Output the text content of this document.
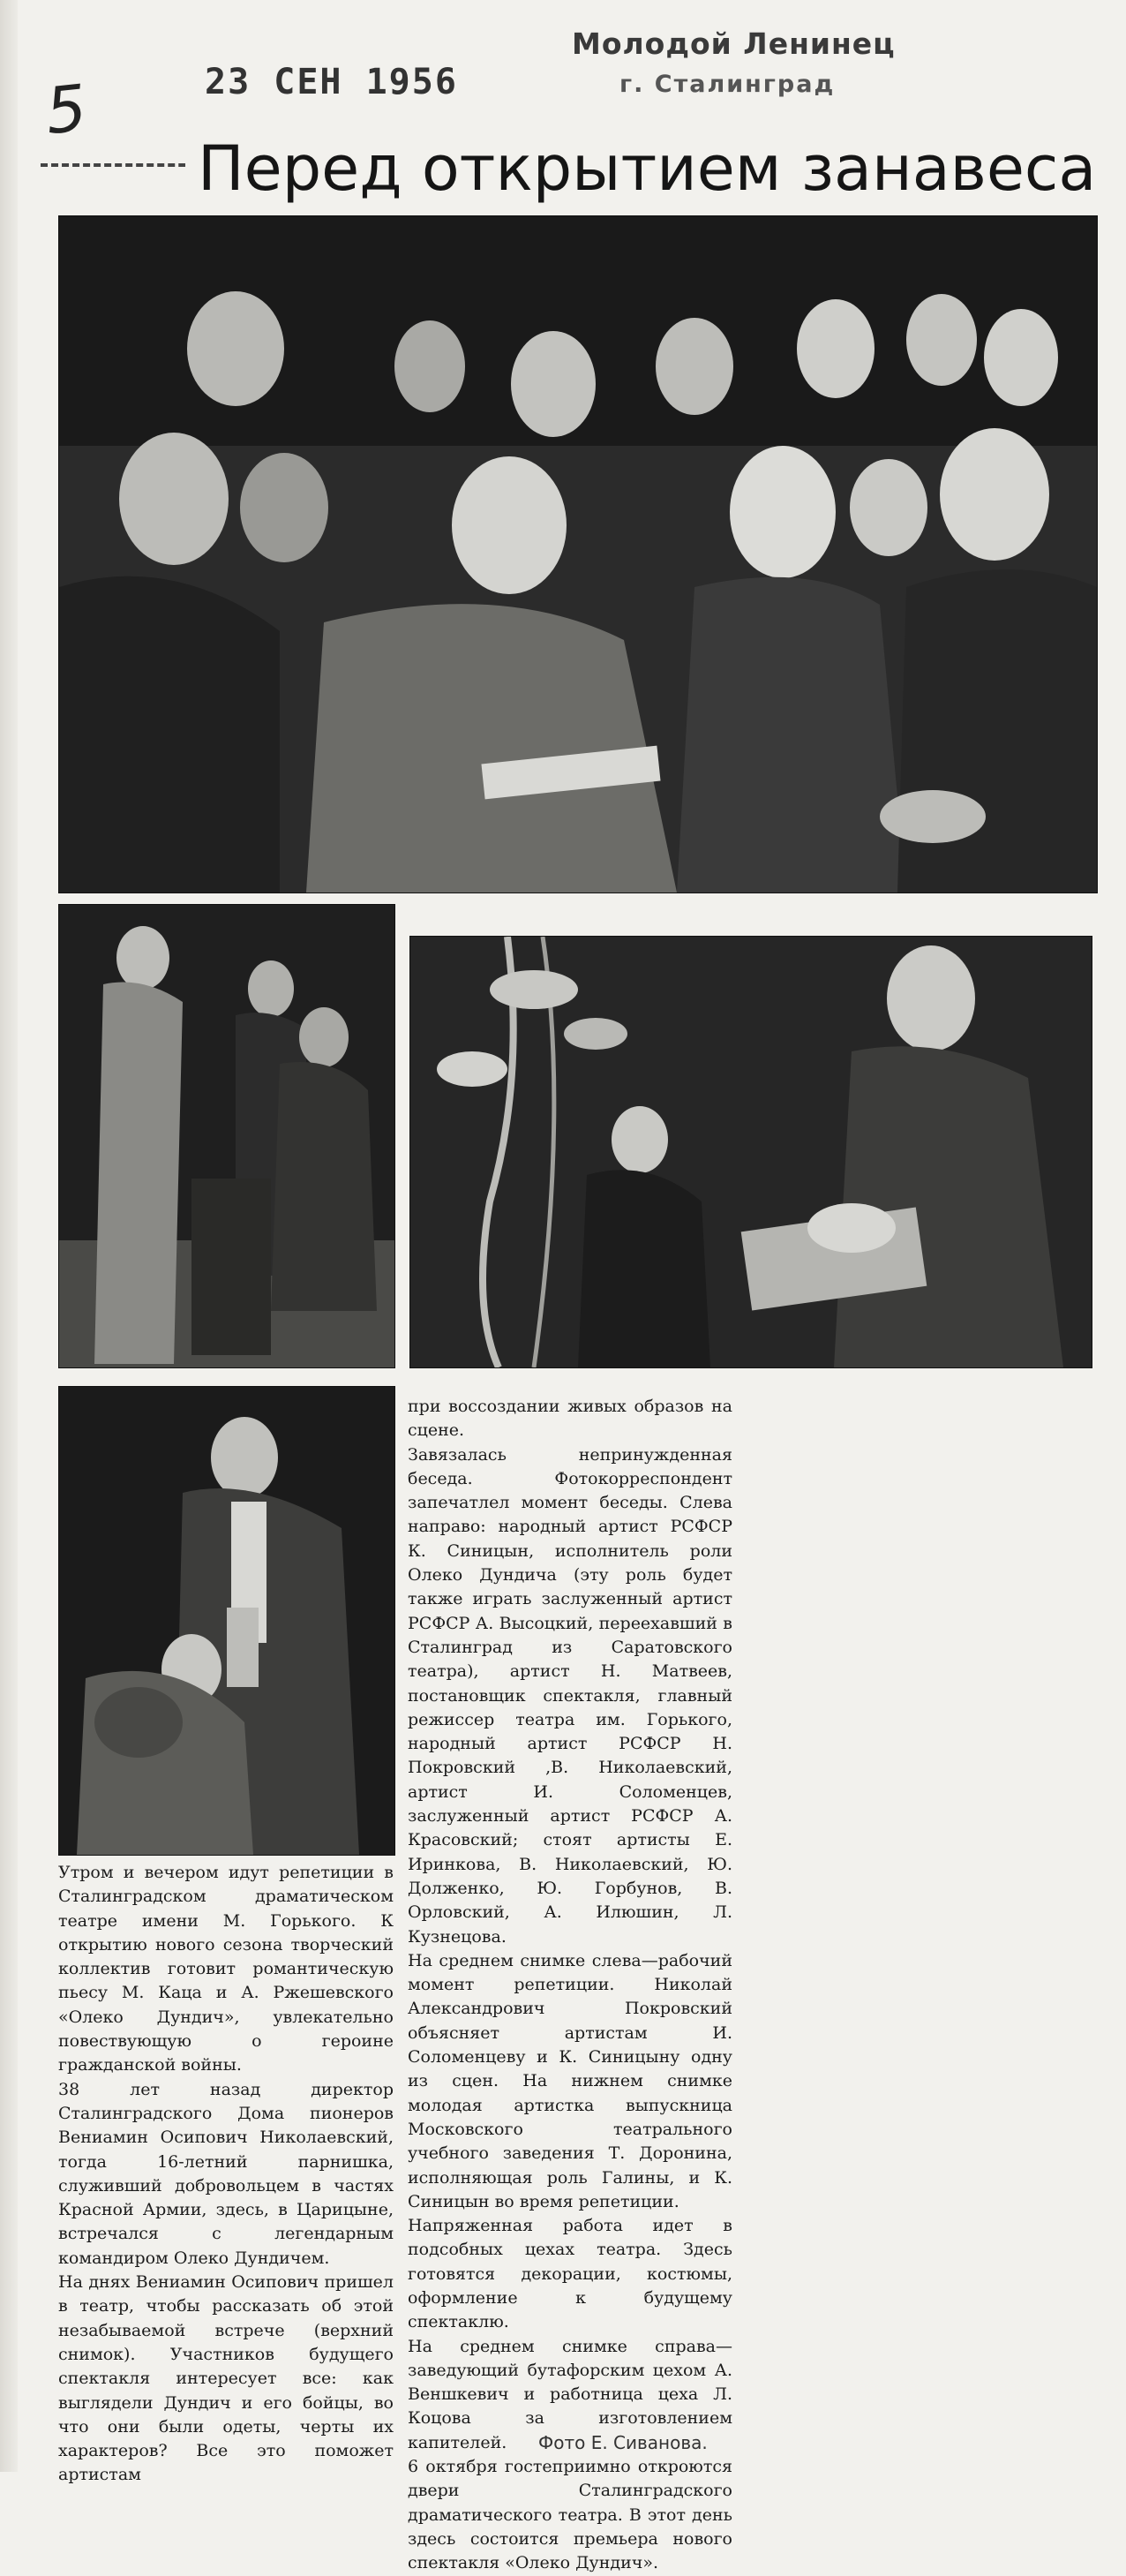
5	23 СЕН 1956
Молодой Ленинец
г. Сталинград
Перед открытием занавеса
Утром и вечером идут репетиции в Сталинградском драматическом театре имени М. Горького. К открытию нового сезона творческий коллектив готовит романтическую пьесу М. Каца и А. Ржешевского «Олеко Дундич», увлекательно повествующую о героине гражданской войны.
38 лет назад директор Сталинградского Дома пионеров Вениамин Осипович Николаевский, тогда 16-летний парнишка, служивший добровольцем в частях Красной Армии, здесь, в Царицыне, встречался с легендарным командиром Олеко Дундичем.
На днях Вениамин Осипович пришел в театр, чтобы рассказать об этой незабываемой встрече (верхний снимок). Участников будущего спектакля интересует все: как выглядели Дундич и его бойцы, во что они были одеты, черты их характеров? Все это поможет артистам
при воссоздании живых образов на сцене.
Завязалась непринужденная беседа. Фотокорреспондент запечатлел момент беседы. Слева направо: народный артист РСФСР К. Синицын, исполнитель роли Олеко Дундича (эту роль будет также играть заслуженный артист РСФСР А. Высоцкий, переехавший в Сталинград из Саратовского театра), артист Н. Матвеев, постановщик спектакля, главный режиссер театра им. Горького, народный артист РСФСР Н. Покровский ,В. Николаевский, артист И. Соломенцев, заслуженный артист РСФСР А. Красовский; стоят артисты Е. Иринкова, В. Николаевский, Ю. Долженко, Ю. Горбунов, В. Орловский, А. Илюшин, Л. Кузнецова.
На среднем снимке слева—рабочий момент репетиции. Николай Александрович Покровский объясняет артистам И. Соломенцеву и К. Синицыну одну из сцен. На нижнем снимке молодая артистка выпускница Московского театрального учебного заведения Т. Доронина, исполняющая роль Галины, и К. Синицын во время репетиции.
Напряженная работа идет в подсобных цехах театра. Здесь готовятся декорации, костюмы, оформление к будущему спектаклю.
На среднем снимке справа—заведующий бутафорским цехом А. Веншкевич и работница цеха Л. Коцова за изготовлением капителей.
6 октября гостеприимно откроются двери Сталинградского драматического театра. В этот день здесь состоится премьера нового спектакля «Олеко Дундич».
Фото Е. Сиванова.
